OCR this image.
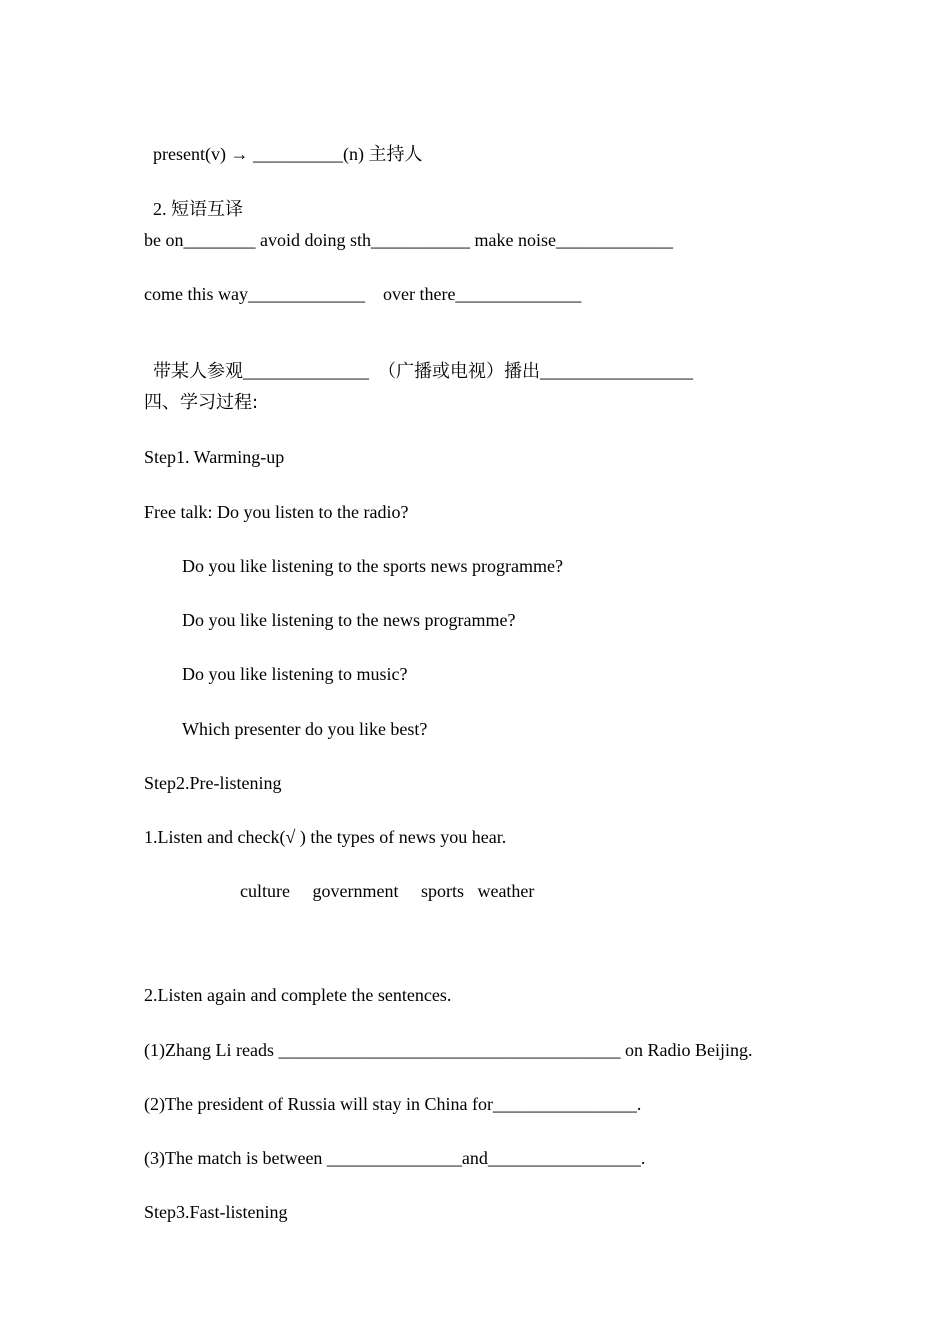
present(v) → __________(n) 主持人

2. 短语互译

be on________ avoid doing sth___________ make noise_____________
come this way_____________    over there______________

带某人参观______________ （广播或电视）播出_________________

四、学习过程:
Step1. Warming-up
Free talk: Do you listen to the radio?
Do you like listening to the sports news programme?
Do you like listening to the news programme?
Do you like listening to music?
Which presenter do you like best?
Step2.Pre-listening
1.Listen and check(√ ) the types of news you hear.
culture     government     sports   weather
2.Listen again and complete the sentences.
(1)Zhang Li reads ______________________________________ on Radio Beijing.
(2)The president of Russia will stay in China for________________.
(3)The match is between _______________and_________________.
Step3.Fast-listening
